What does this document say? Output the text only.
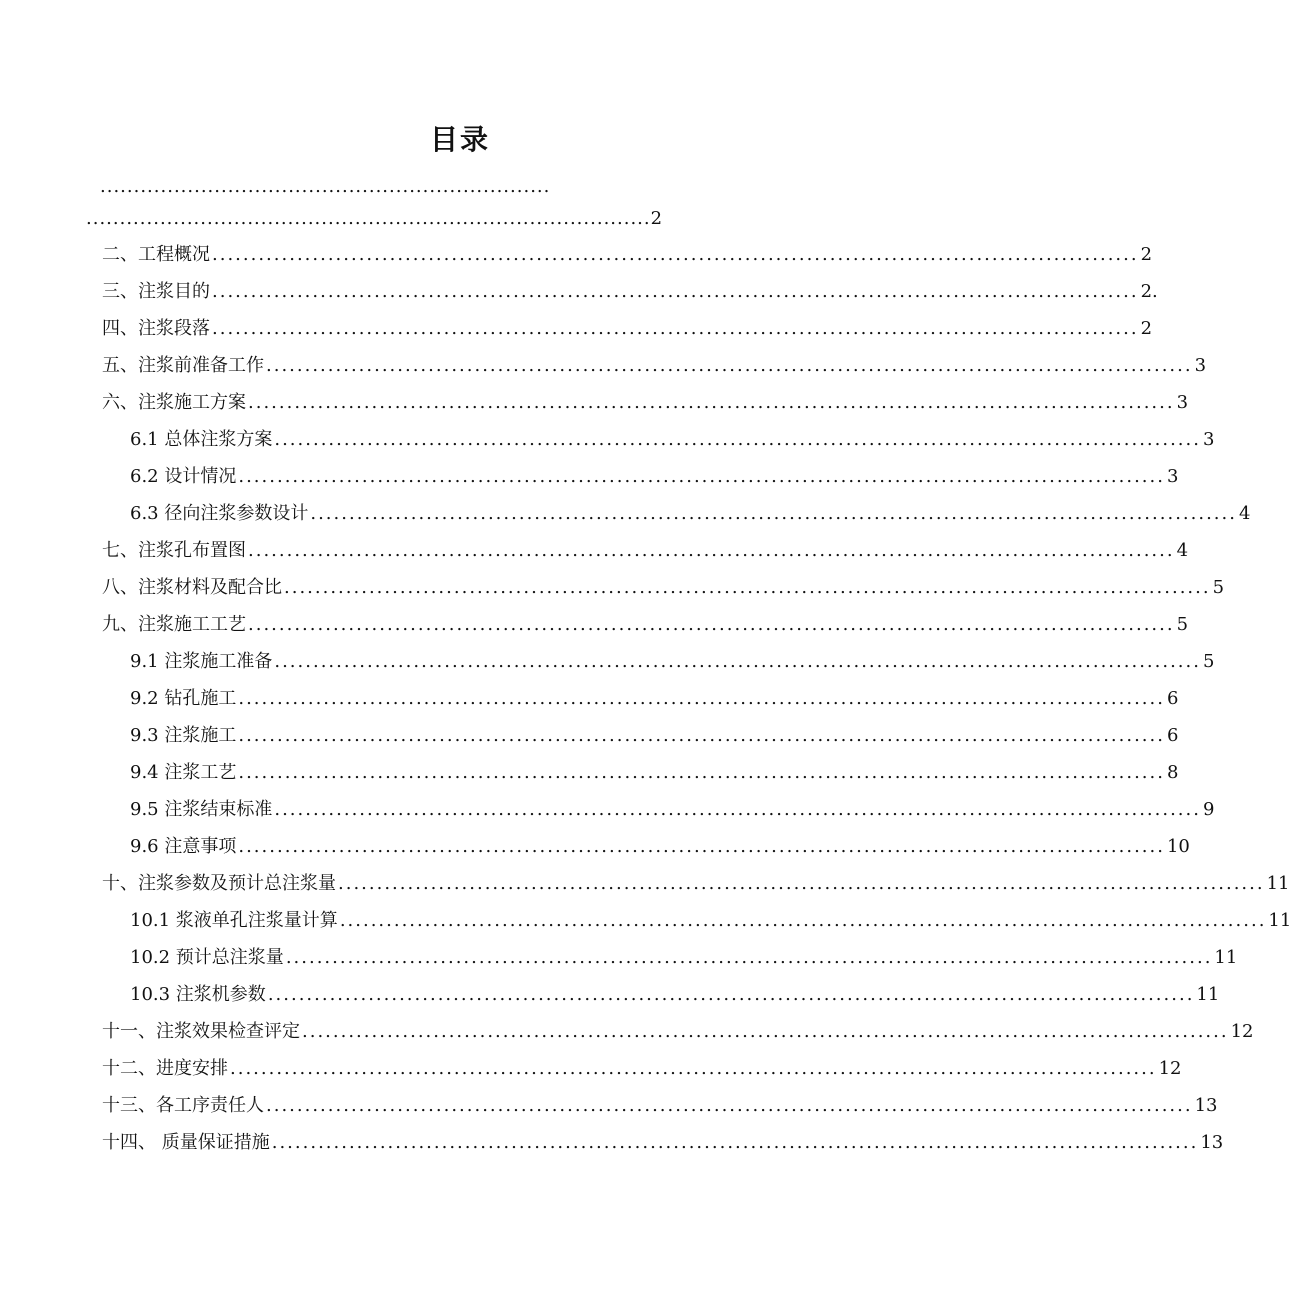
目录
...................................................................
.................................................................................... 2
二、工程概况 ........................................................................................................................ 2
三、注浆目的 ........................................................................................................................ 2.
四、注浆段落 ........................................................................................................................ 2
五、注浆前准备工作 ........................................................................................................................ 3
六、注浆施工方案 ........................................................................................................................ 3
6.1 总体注浆方案 ........................................................................................................................ 3
6.2 设计情况 ........................................................................................................................ 3
6.3 径向注浆参数设计 ........................................................................................................................ 4
七、注浆孔布置图 ........................................................................................................................ 4
八、注浆材料及配合比 ........................................................................................................................ 5
九、注浆施工工艺 ........................................................................................................................ 5
9.1 注浆施工准备 ........................................................................................................................ 5
9.2 钻孔施工 ........................................................................................................................ 6
9.3 注浆施工 ........................................................................................................................ 6
9.4 注浆工艺 ........................................................................................................................ 8
9.5 注浆结束标准 ........................................................................................................................ 9
9.6 注意事项 ........................................................................................................................ 10
十、注浆参数及预计总注浆量 ........................................................................................................................ 11
10.1 浆液单孔注浆量计算 ........................................................................................................................ 11
10.2 预计总注浆量 ........................................................................................................................ 11
10.3 注浆机参数 ........................................................................................................................ 11
十一、注浆效果检查评定 ........................................................................................................................ 12
十二、进度安排 ........................................................................................................................ 12
十三、各工序责任人 ........................................................................................................................ 13
十四、 质量保证措施 ........................................................................................................................ 13
